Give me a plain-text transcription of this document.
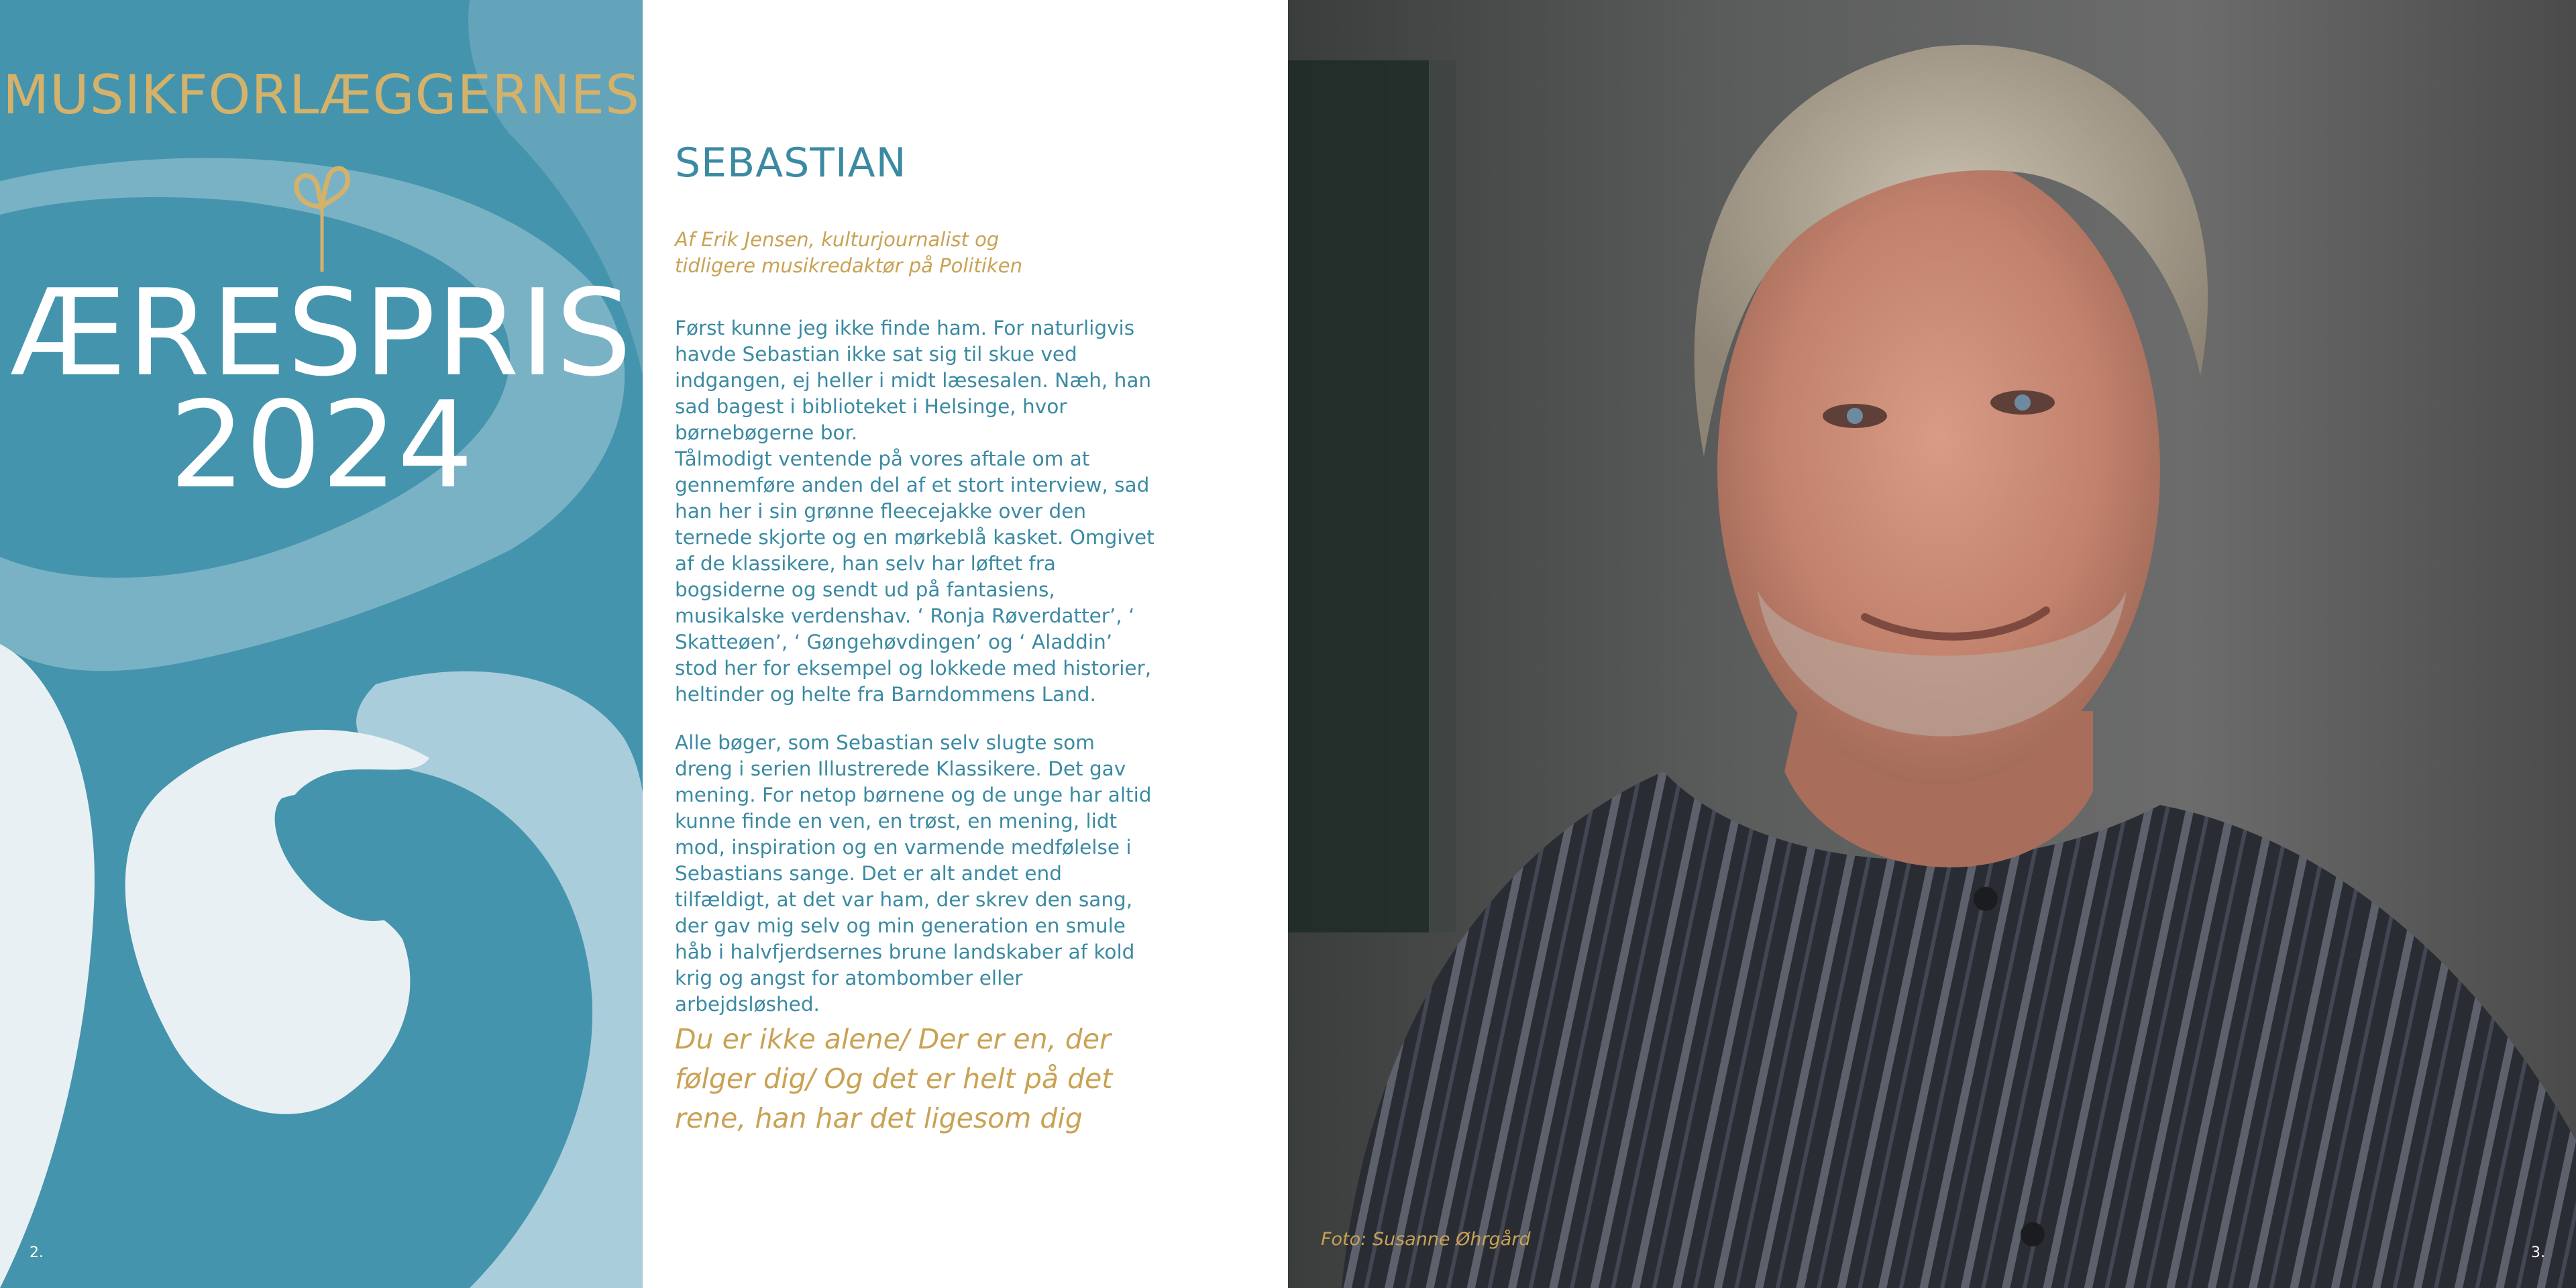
MUSIKFORLÆGGERNES
ÆRESPRIS
2024
2.
SEBASTIAN
Af Erik Jensen, kulturjournalist og
tidligere musikredaktør på Politiken

Først kunne jeg ikke finde ham. For naturligvis havde Sebastian ikke sat sig til skue ved indgangen, ej heller i midt læsesalen. Næh, han sad bagest i biblioteket i Helsinge, hvor børnebøgerne bor.

Tålmodigt ventende på vores aftale om at gennemføre anden del af et stort interview, sad han her i sin grønne fleecejakke over den ternede skjorte og en mørkeblå kasket. Omgivet af de klassikere, han selv har løftet fra bogsiderne og sendt ud på fantasiens, musikalske verdenshav. ‘ Ronja Røverdatter’, ‘ Skatteøen’, ‘ Gøngehøvdingen’ og ‘ Aladdin’ stod her for eksempel og lokkede med historier, heltinder og helte fra Barndommens Land.

Alle bøger, som Sebastian selv slugte som dreng i serien Illustrerede Klassikere. Det gav mening. For netop børnene og de unge har altid kunne finde en ven, en trøst, en mening, lidt mod, inspiration og en varmende medfølelse i Sebastians sange. Det er alt andet end tilfældigt, at det var ham, der skrev den sang, der gav mig selv og min generation en smule håb i halvfjerdsernes brune landskaber af kold krig og angst for atombomber eller arbejdsløshed.

Du er ikke alene/ Der er en, der følger dig/ Og det er helt på det rene, han har det ligesom dig
Foto: Susanne Øhrgård
3.
